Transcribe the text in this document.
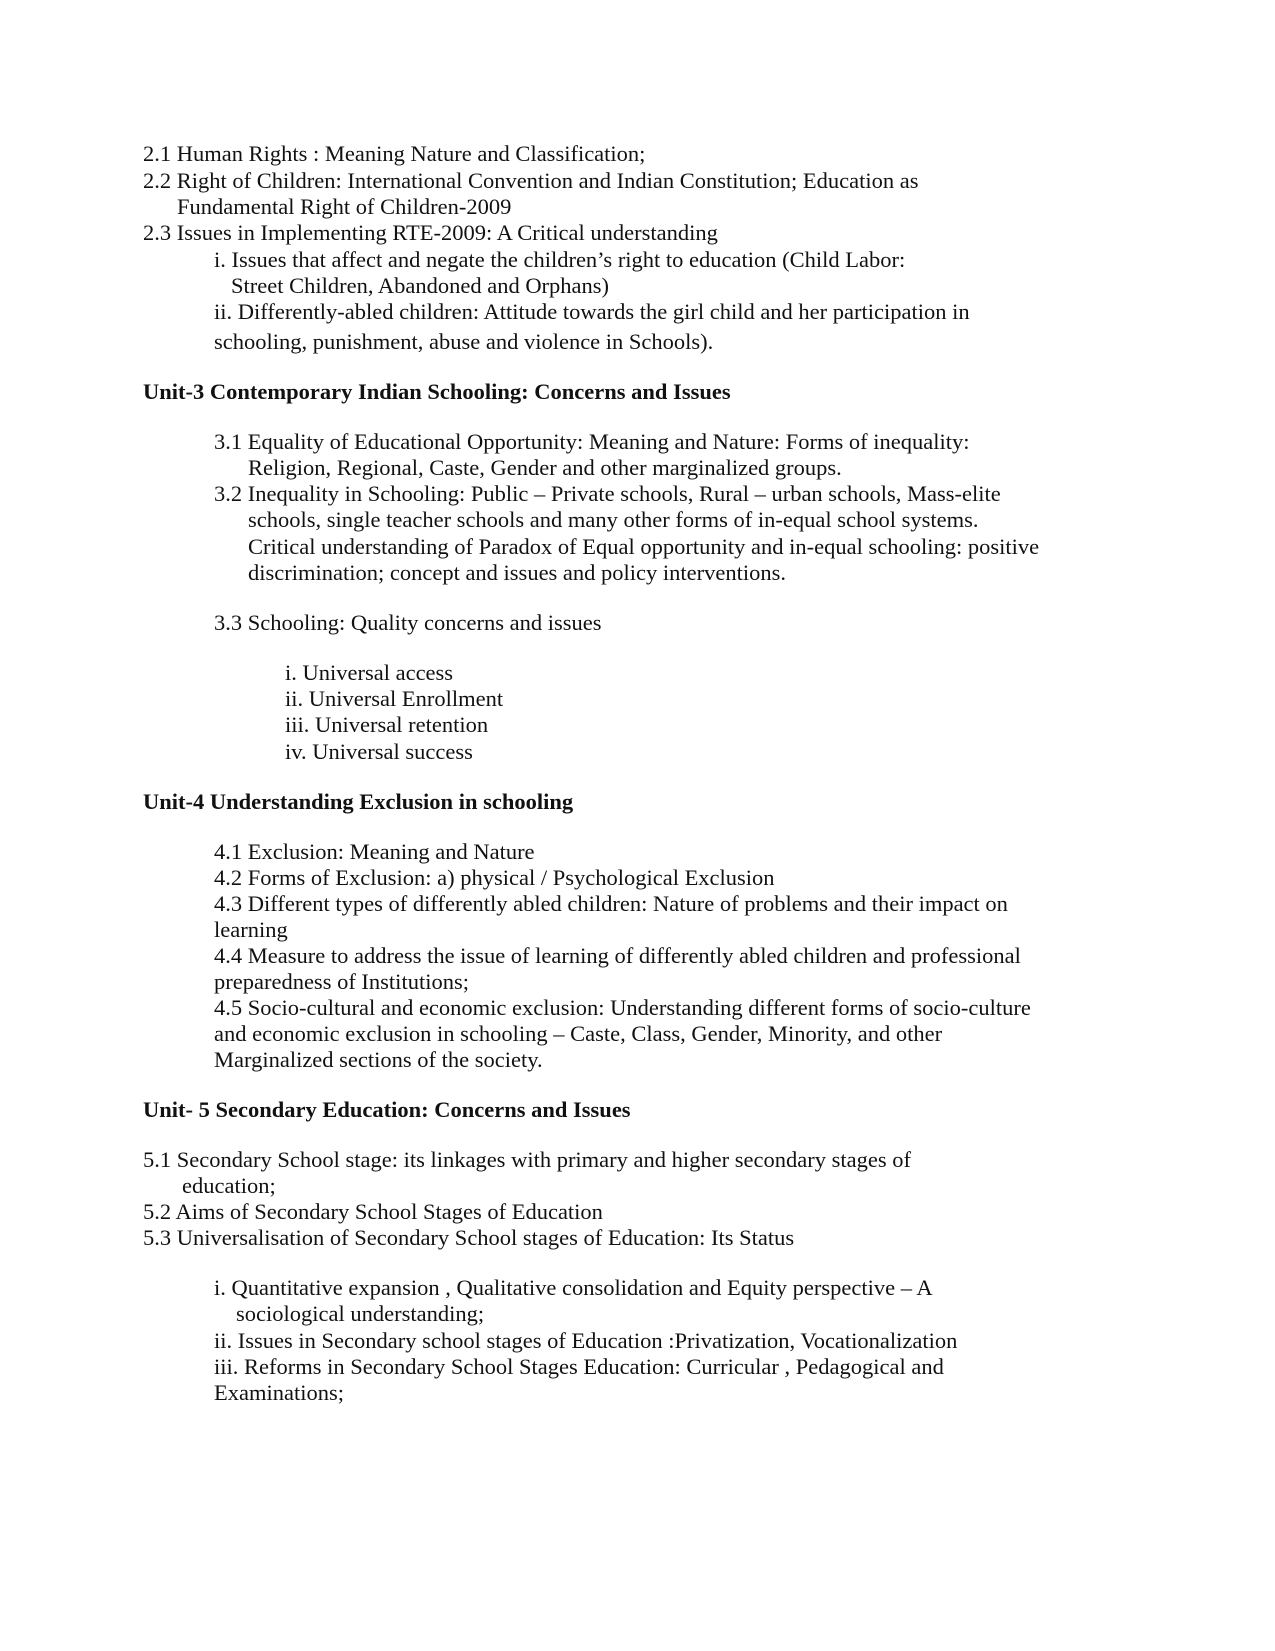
2.1 Human Rights : Meaning Nature and Classification;
2.2 Right of Children: International Convention and Indian Constitution; Education as
Fundamental Right of Children-2009
2.3 Issues in Implementing RTE-2009: A Critical understanding
i. Issues that affect and negate the children’s right to education (Child Labor:
Street Children, Abandoned and Orphans)
ii. Differently-abled children: Attitude towards the girl child and her participation in
schooling, punishment, abuse and violence in Schools).
Unit-3 Contemporary Indian Schooling: Concerns and Issues
3.1 Equality of Educational Opportunity: Meaning and Nature: Forms of inequality:
Religion, Regional, Caste, Gender and other marginalized groups.
3.2 Inequality in Schooling: Public – Private schools, Rural – urban schools, Mass-elite
schools, single teacher schools and many other forms of in-equal school systems.
Critical understanding of Paradox of Equal opportunity and in-equal schooling: positive
discrimination; concept and issues and policy interventions.
3.3 Schooling: Quality concerns and issues
i. Universal access
ii. Universal Enrollment
iii. Universal retention
iv. Universal success
Unit-4 Understanding Exclusion in schooling
4.1 Exclusion: Meaning and Nature
4.2 Forms of Exclusion: a) physical / Psychological Exclusion
4.3 Different types of differently abled children: Nature of problems and their impact on
learning
4.4 Measure to address the issue of learning of differently abled children and professional
preparedness of Institutions;
4.5 Socio-cultural and economic exclusion: Understanding different forms of socio-culture
and economic exclusion in schooling – Caste, Class, Gender, Minority, and other
Marginalized sections of the society.
Unit- 5 Secondary Education: Concerns and Issues
5.1 Secondary School stage: its linkages with primary and higher secondary stages of
education;
5.2 Aims of Secondary School Stages of Education
5.3 Universalisation of Secondary School stages of Education: Its Status
i. Quantitative expansion , Qualitative consolidation and Equity perspective – A
sociological understanding;
ii. Issues in Secondary school stages of Education :Privatization, Vocationalization
iii. Reforms in Secondary School Stages Education: Curricular , Pedagogical and
Examinations;
